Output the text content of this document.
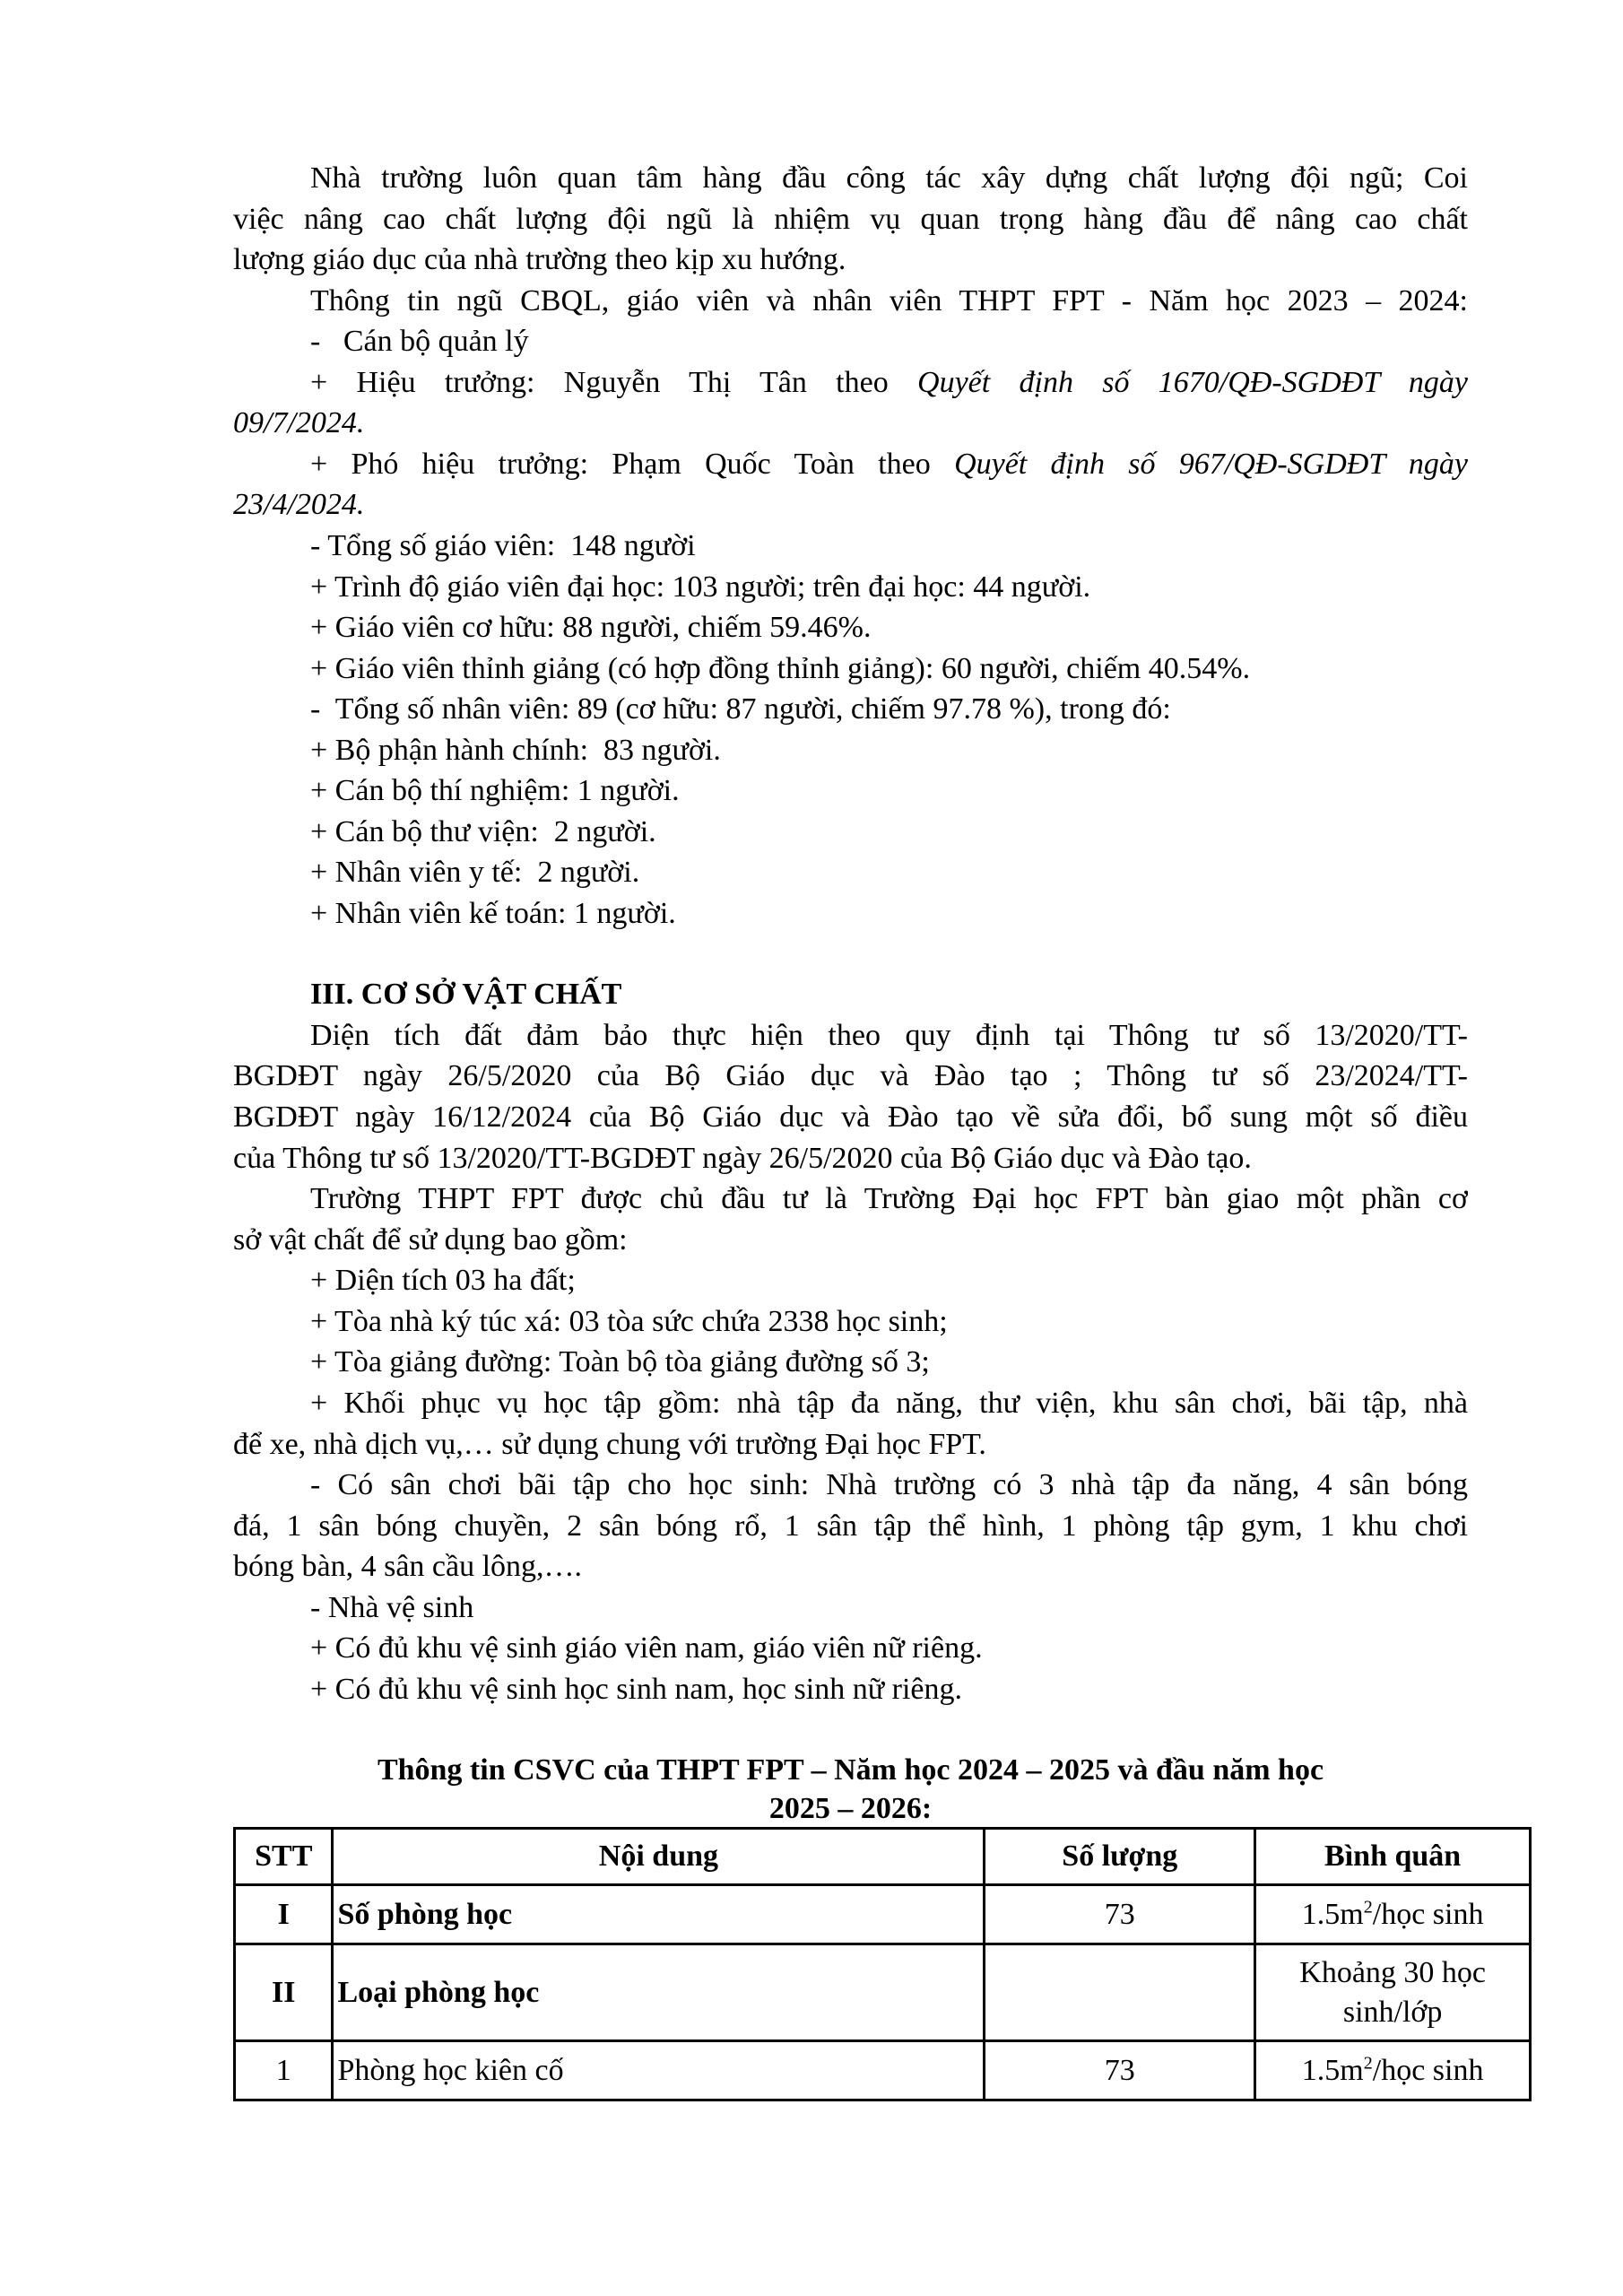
Nhà trường luôn quan tâm hàng đầu công tác xây dựng chất lượng đội ngũ; Coi
việc nâng cao chất lượng đội ngũ là nhiệm vụ quan trọng hàng đầu để nâng cao chất
lượng giáo dục của nhà trường theo kịp xu hướng.
Thông tin ngũ CBQL, giáo viên và nhân viên THPT FPT - Năm học 2023 – 2024:
-   Cán bộ quản lý
+ Hiệu trưởng: Nguyễn Thị Tân theo Quyết định số 1670/QĐ-SGDĐT ngày
09/7/2024.
+ Phó hiệu trưởng: Phạm Quốc Toàn theo Quyết định số 967/QĐ-SGDĐT ngày
23/4/2024.
- Tổng số giáo viên:  148 người
+ Trình độ giáo viên đại học: 103 người; trên đại học: 44 người.
+ Giáo viên cơ hữu: 88 người, chiếm 59.46%.
+ Giáo viên thỉnh giảng (có hợp đồng thỉnh giảng): 60 người, chiếm 40.54%.
-  Tổng số nhân viên: 89 (cơ hữu: 87 người, chiếm 97.78 %), trong đó:
+ Bộ phận hành chính:  83 người.
+ Cán bộ thí nghiệm: 1 người.
+ Cán bộ thư viện:  2 người.
+ Nhân viên y tế:  2 người.
+ Nhân viên kế toán: 1 người.
III. CƠ SỞ VẬT CHẤT
Diện tích đất đảm bảo thực hiện theo quy định tại Thông tư số 13/2020/TT-
BGDĐT ngày 26/5/2020 của Bộ Giáo dục và Đào tạo ; Thông tư số 23/2024/TT-
BGDĐT ngày 16/12/2024 của Bộ Giáo dục và Đào tạo về sửa đổi, bổ sung một số điều
của Thông tư số 13/2020/TT-BGDĐT ngày 26/5/2020 của Bộ Giáo dục và Đào tạo.
Trường THPT FPT được chủ đầu tư là Trường Đại học FPT bàn giao một phần cơ
sở vật chất để sử dụng bao gồm:
+ Diện tích 03 ha đất;
+ Tòa nhà ký túc xá: 03 tòa sức chứa 2338 học sinh;
+ Tòa giảng đường: Toàn bộ tòa giảng đường số 3;
+ Khối phục vụ học tập gồm: nhà tập đa năng, thư viện, khu sân chơi, bãi tập, nhà
để xe, nhà dịch vụ,… sử dụng chung với trường Đại học FPT.
- Có sân chơi bãi tập cho học sinh: Nhà trường có 3 nhà tập đa năng, 4 sân bóng
đá, 1 sân bóng chuyền, 2 sân bóng rổ, 1 sân tập thể hình, 1 phòng tập gym, 1 khu chơi
bóng bàn, 4 sân cầu lông,….
- Nhà vệ sinh
+ Có đủ khu vệ sinh giáo viên nam, giáo viên nữ riêng.
+ Có đủ khu vệ sinh học sinh nam, học sinh nữ riêng.
Thông tin CSVC của THPT FPT – Năm học 2024 – 2025 và đầu năm học
2025 – 2026:
STT	Nội dung	Số lượng	Bình quân
I	Số phòng học	73	$1.5m^2$/học sinh
II	Loại phòng học		Khoảng 30 học
sinh/lớp

1	Phòng học kiên cố	73	$1.5m^2$/học sinh
